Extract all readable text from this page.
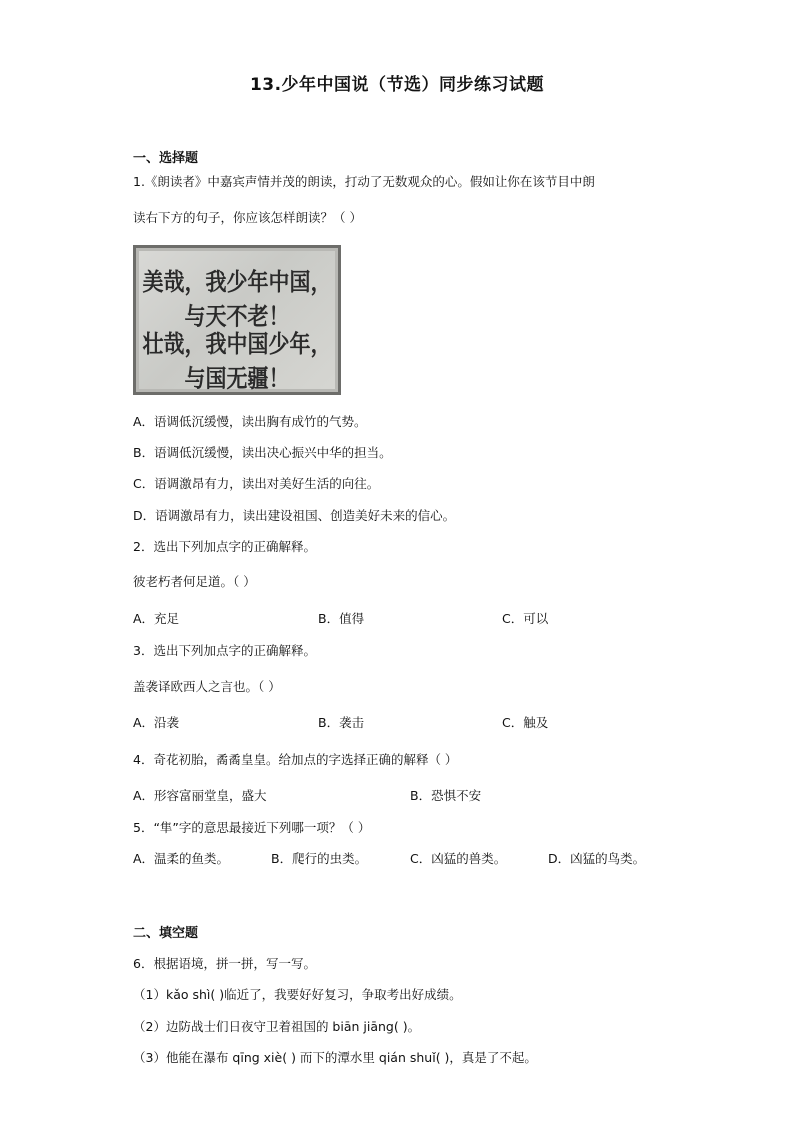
13.少年中国说（节选）同步练习试题
一、选择题
1.《朗读者》中嘉宾声情并茂的朗读，打动了无数观众的心。假如让你在该节目中朗
读右下方的句子，你应该怎样朗读？（ ）
美哉，我少年中国，与天不老！
壮哉，我中国少年，与国无疆！
A．语调低沉缓慢，读出胸有成竹的气势。
B．语调低沉缓慢，读出决心振兴中华的担当。
C．语调激昂有力，读出对美好生活的向往。
D．语调激昂有力，读出建设祖国、创造美好未来的信心。
2．选出下列加点字的正确解释。
彼老朽者何足道。（ ）
A．充足	B．值得	C．可以
3．选出下列加点字的正确解释。
盖袭译欧西人之言也。（ ）
A．沿袭	B．袭击	C．触及
4．奇花初胎，矞矞皇皇。给加点的字选择正确的解释（ ）
A．形容富丽堂皇，盛大	B．恐惧不安
5．“隼”字的意思最接近下列哪一项？（ ）
A．温柔的鱼类。	B．爬行的虫类。	C．凶猛的兽类。	D．凶猛的鸟类。
二、填空题
6．根据语境，拼一拼，写一写。
（1）kǎo shì( )临近了，我要好好复习，争取考出好成绩。
（2）边防战士们日夜守卫着祖国的 biān jiāng( )。
（3）他能在瀑布 qīng xiè( ) 而下的潭水里 qián shuǐ( )，真是了不起。
